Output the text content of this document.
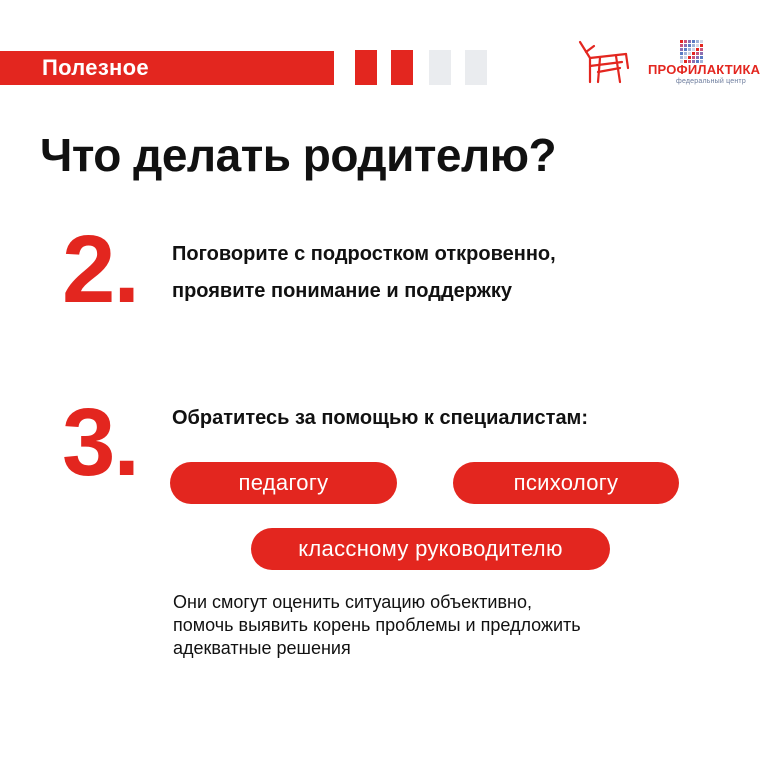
Полезное	ПРОФИЛАКТИКА
федеральный центр
Что делать родителю?
2. Поговорите с подростком откровенно,
проявите понимание и поддержку
3. Обратитесь за помощью к специалистам:
педагогу	психологу
классному руководителю
Они смогут оценить ситуацию объективно,
помочь выявить корень проблемы и предложить
адекватные решения
